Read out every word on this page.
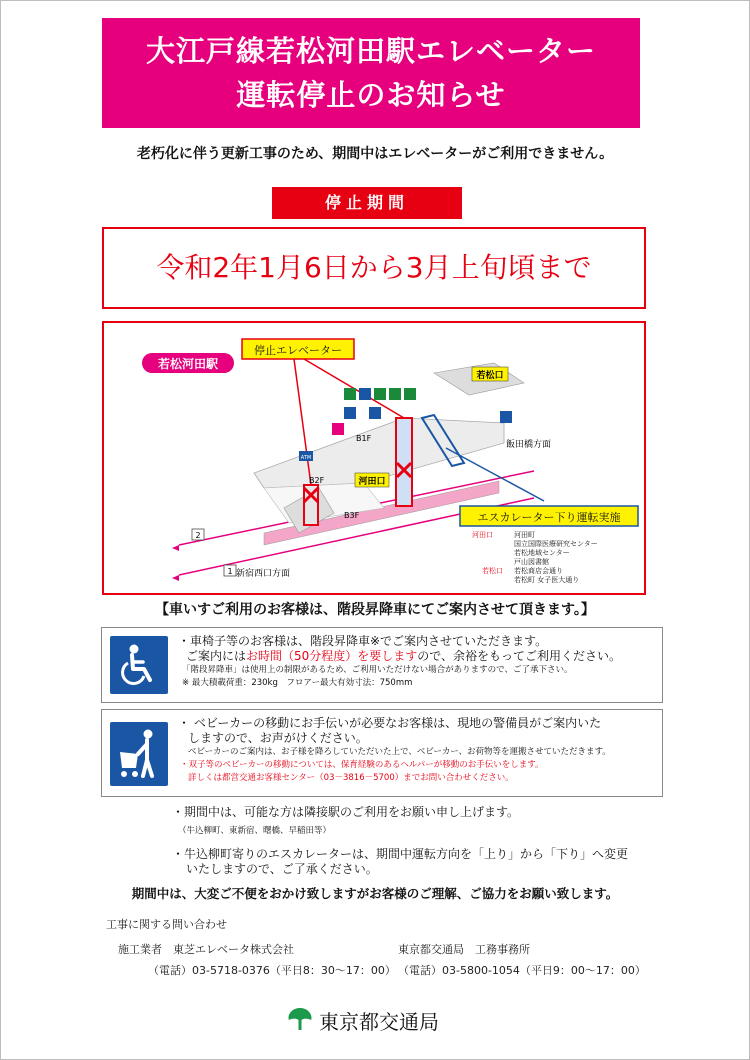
大江戸線若松河田駅エレベーター
運転停止のお知らせ
老朽化に伴う更新工事のため、期間中はエレベーターがご利用できません。
停止期間
令和2年1月6日から3月上旬頃まで
若松河田駅
停止エレベーター
エスカレーター下り運転実施
若松口
河田口
飯田橋方面
新宿西口方面
B1F
B2F
B3F
2
1
ATM
河田口	河田町
国立国際医療研究センター
若松地域センター
戸山図書館
若松口 若松商店会通り
若松町 女子医大通り
【車いすご利用のお客様は、階段昇降車にてご案内させて頂きます。】
・車椅子等のお客様は、階段昇降車※でご案内させていただきます。
ご案内にはお時間（50分程度）を要しますので、余裕をもってご利用ください。
「階段昇降車」は使用上の制限があるため、ご利用いただけない場合がありますので、ご了承下さい。
※ 最大積載荷重：230kg　フロアー最大有効寸法：750mm
・ ベビーカーの移動にお手伝いが必要なお客様は、現地の警備員がご案内いた
しますので、お声がけください。
ベビーカーのご案内は、お子様を降ろしていただいた上で、ベビーカー、お荷物等を運搬させていただきます。
・双子等のベビーカーの移動については、保育経験のあるヘルパーが移動のお手伝いをします。
詳しくは都営交通お客様センター（03－3816－5700）までお問い合わせください。
・期間中は、可能な方は隣接駅のご利用をお願い申し上げます。
（牛込柳町、東新宿、曙橋、早稲田等）
・牛込柳町寄りのエスカレーターは、期間中運転方向を「上り」から「下り」へ変更
いたしますので、ご了承ください。
期間中は、大変ご不便をおかけ致しますがお客様のご理解、ご協力をお願い致します。
工事に関する問い合わせ
施工業者　東芝エレベータ株式会社
（電話）03-5718-0376（平日8：30～17：00）
東京都交通局　工務事務所
（電話）03-5800-1054（平日9：00～17：00）
東京都交通局
